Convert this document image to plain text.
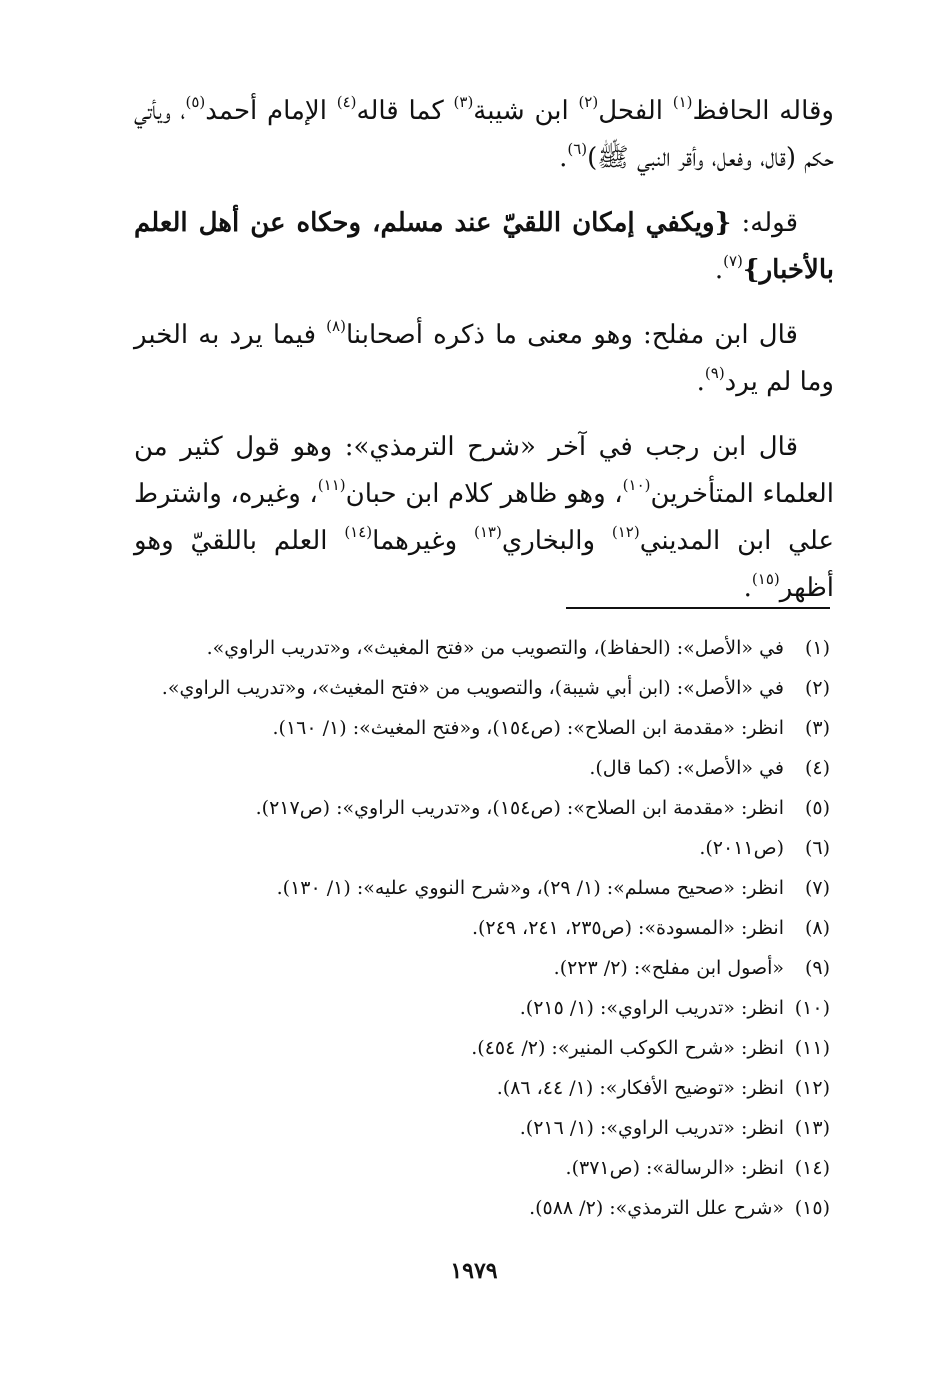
وقاله الحافظ$^{(١)}$ الفحل$^{(٢)}$ ابن شيبة$^{(٣)}$ كما قاله$^{(٤)}$ الإمام أحمد$^{(٥)}$، ويأتي حكم (قال، وفعل، وأقر النبي ﷺ)$^{(٦)}$.

قوله: {ويكفي إمكان اللقيّ عند مسلم، وحكاه عن أهل العلم بالأخبار}$^{(٧)}$.

قال ابن مفلح: وهو معنى ما ذكره أصحابنا$^{(٨)}$ فيما يرد به الخبر وما لم يرد$^{(٩)}$.

قال ابن رجب في آخر «شرح الترمذي»: وهو قول كثير من العلماء المتأخرين$^{(١٠)}$، وهو ظاهر كلام ابن حبان$^{(١١)}$، وغيره، واشترط علي ابن المديني$^{(١٢)}$ والبخاري$^{(١٣)}$ وغيرهما$^{(١٤)}$ العلم باللقيّ وهو أظهر$^{(١٥)}$.

(١)
في «الأصل»: (الحفاظ)، والتصويب من «فتح المغيث»، و«تدريب الراوي».
(٢)
في «الأصل»: (ابن أبي شيبة)، والتصويب من «فتح المغيث»، و«تدريب الراوي».
(٣)
انظر: «مقدمة ابن الصلاح»: (ص١٥٤)، و«فتح المغيث»: (١/ ١٦٠).
(٤)
في «الأصل»: (كما قال).
(٥)
انظر: «مقدمة ابن الصلاح»: (ص١٥٤)، و«تدريب الراوي»: (ص٢١٧).
(٦)
(ص٢٠١١).
(٧)
انظر: «صحيح مسلم»: (١/ ٢٩)، و«شرح النووي عليه»: (١/ ١٣٠).
(٨)
انظر: «المسودة»: (ص٢٣٥، ٢٤١، ٢٤٩).
(٩)
«أصول ابن مفلح»: (٢/ ٢٢٣).
(١٠)
انظر: «تدريب الراوي»: (١/ ٢١٥).
(١١)
انظر: «شرح الكوكب المنير»: (٢/ ٤٥٤).
(١٢)
انظر: «توضيح الأفكار»: (١/ ٤٤، ٨٦).
(١٣)
انظر: «تدريب الراوي»: (١/ ٢١٦).
(١٤)
انظر: «الرسالة»: (ص٣٧١).
(١٥)
«شرح علل الترمذي»: (٢/ ٥٨٨).
١٩٧٩
